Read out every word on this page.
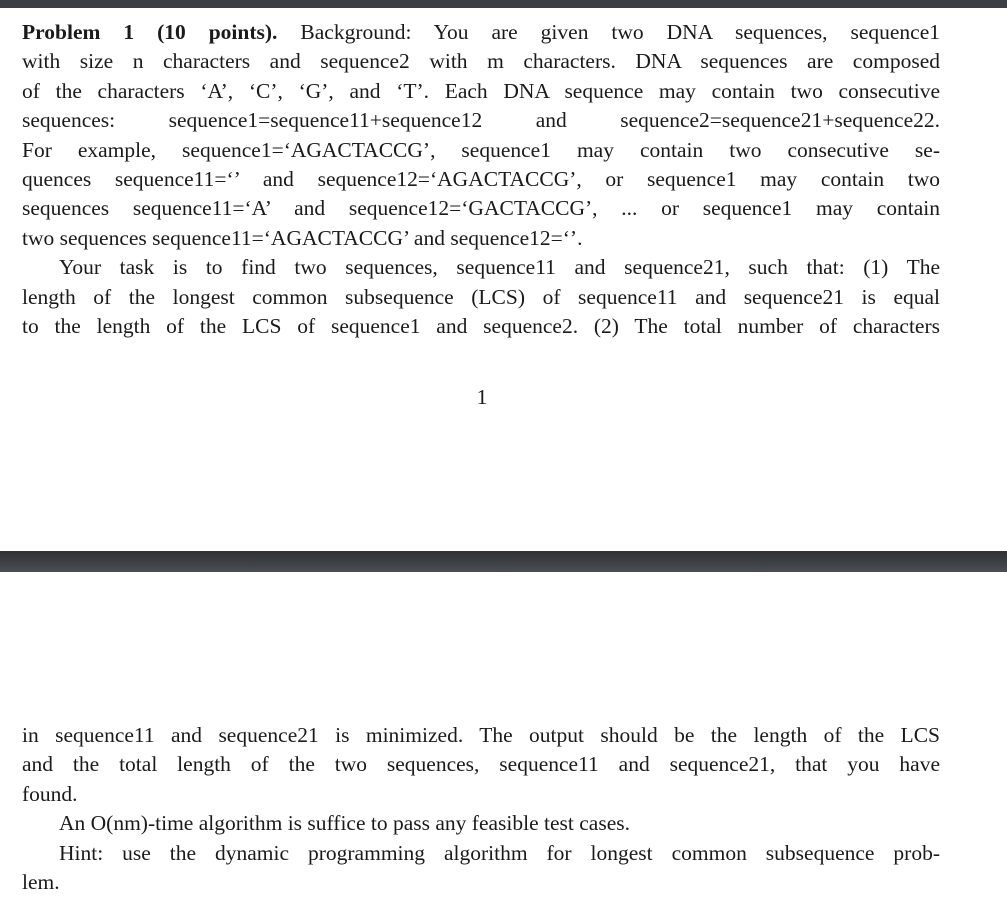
Problem 1 (10 points). Background: You are given two DNA sequences, sequence1
with size n characters and sequence2 with m characters. DNA sequences are composed
of the characters ‘A’, ‘C’, ‘G’, and ‘T’. Each DNA sequence may contain two consecutive
sequences: sequence1=sequence11+sequence12 and sequence2=sequence21+sequence22.
For example, sequence1=‘AGACTACCG’, sequence1 may contain two consecutive se-
quences sequence11=‘’ and sequence12=‘AGACTACCG’, or sequence1 may contain two
sequences sequence11=‘A’ and sequence12=‘GACTACCG’, ... or sequence1 may contain
two sequences sequence11=‘AGACTACCG’ and sequence12=‘’.
Your task is to find two sequences, sequence11 and sequence21, such that: (1) The
length of the longest common subsequence (LCS) of sequence11 and sequence21 is equal
to the length of the LCS of sequence1 and sequence2. (2) The total number of characters
1
in sequence11 and sequence21 is minimized. The output should be the length of the LCS
and the total length of the two sequences, sequence11 and sequence21, that you have
found.
An O(nm)-time algorithm is suffice to pass any feasible test cases.
Hint: use the dynamic programming algorithm for longest common subsequence prob-
lem.
